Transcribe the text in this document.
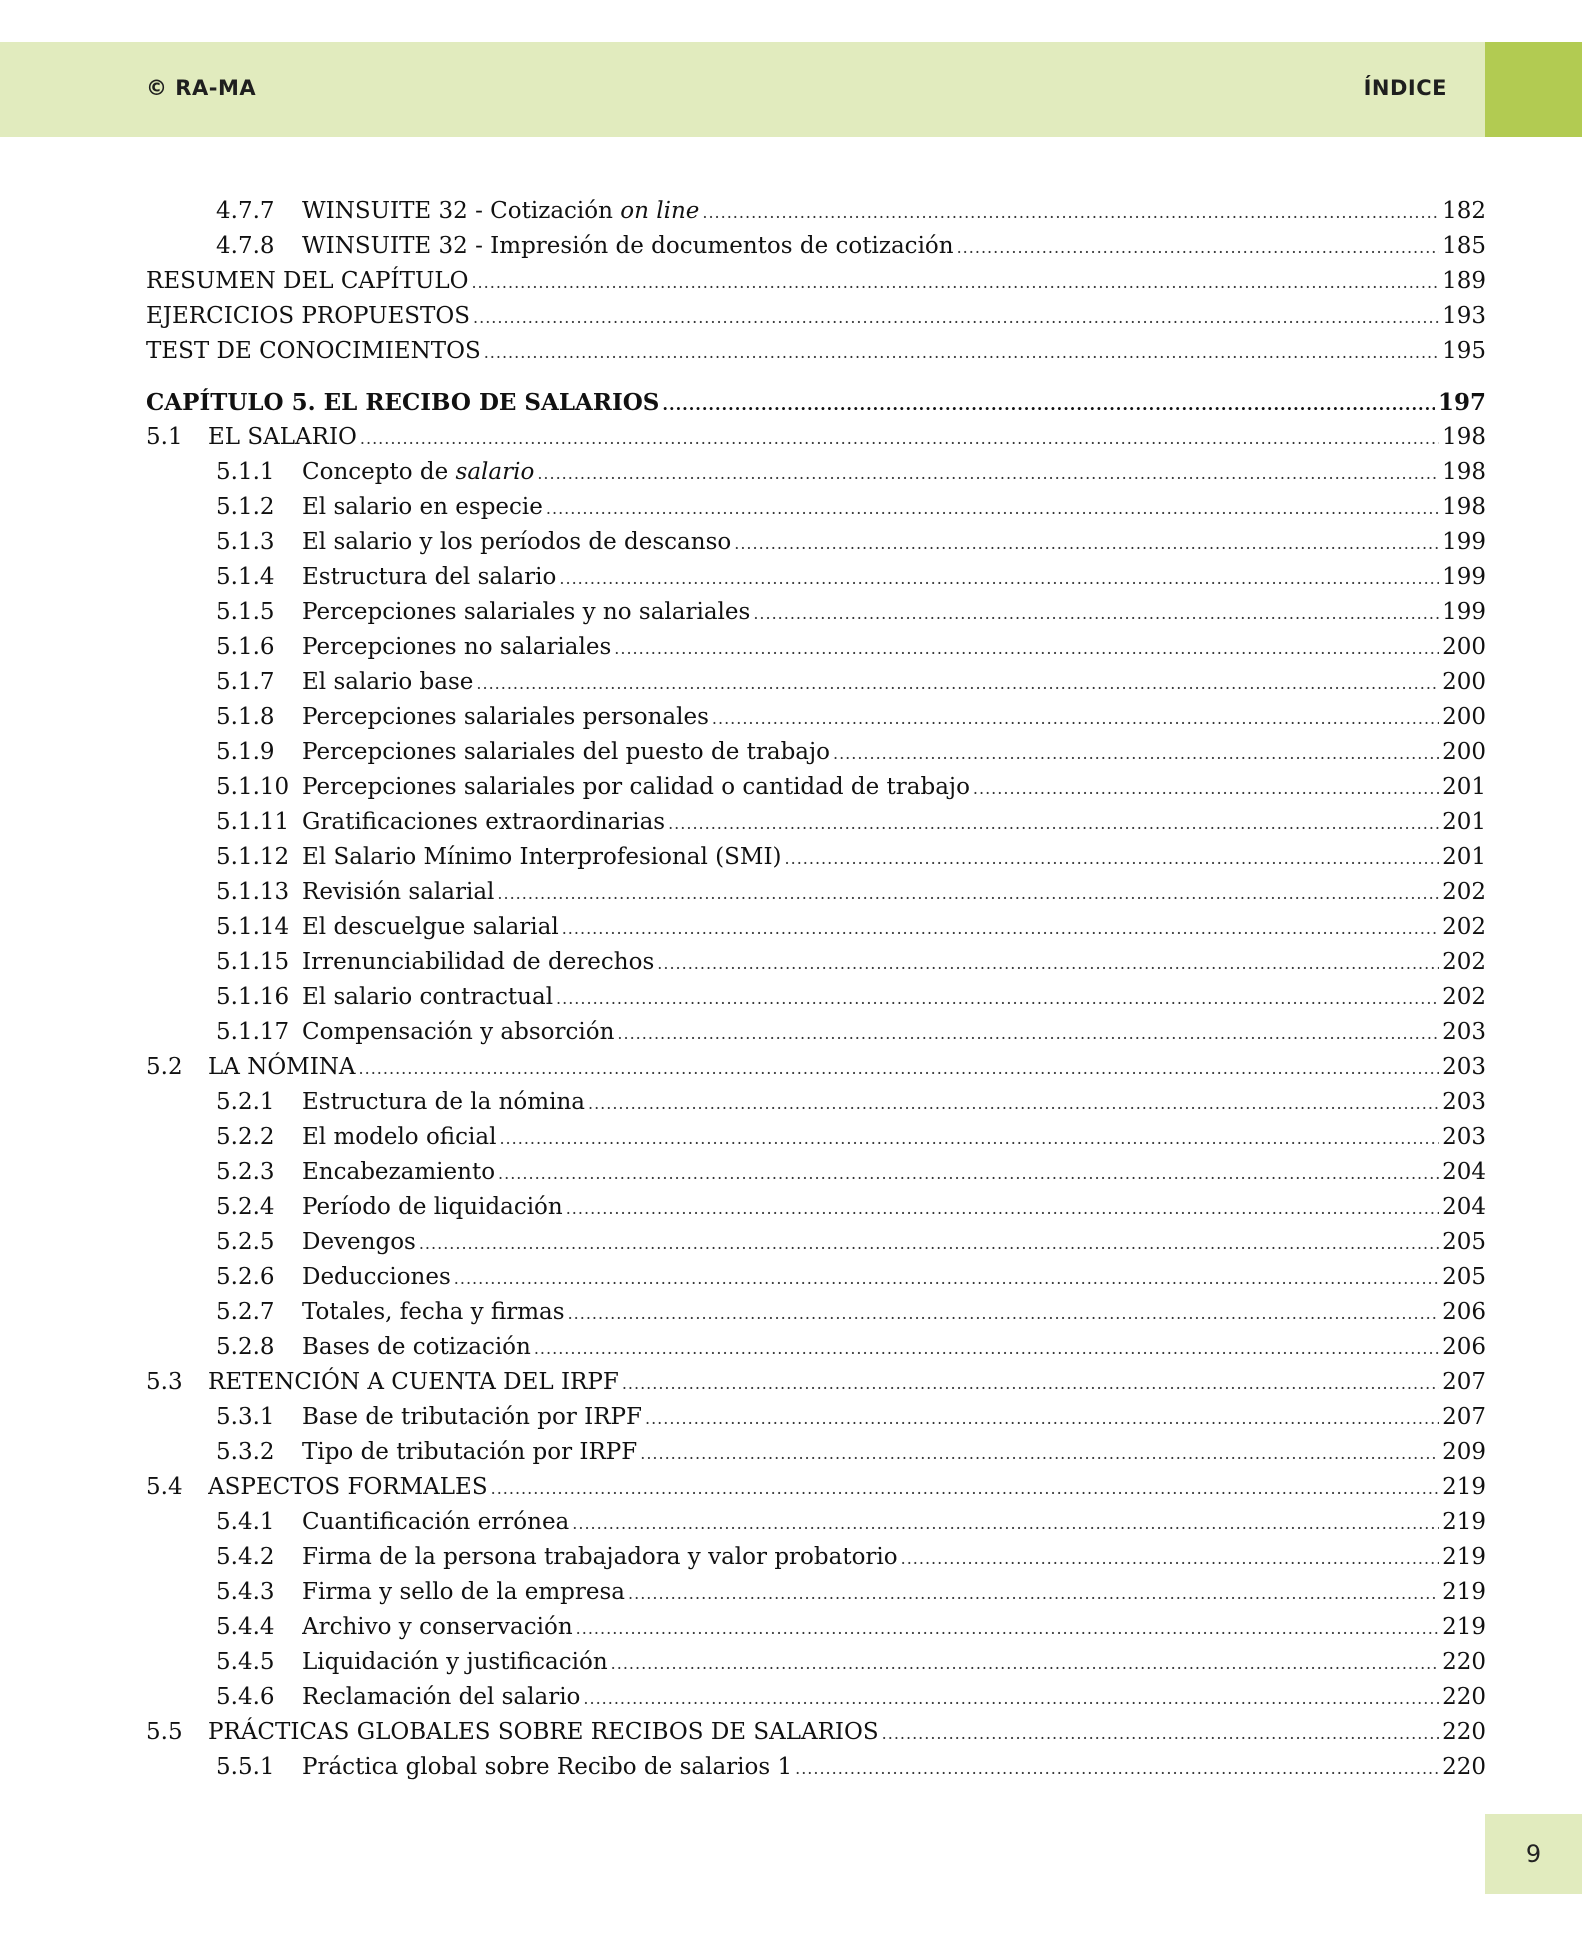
© RA-MA	ÍNDICE
4.7.7 WINSUITE 32 - Cotización on line .....	182
4.7.8 WINSUITE 32 - Impresión de documentos de cotización .....	185
RESUMEN DEL CAPÍTULO .....	189
EJERCICIOS PROPUESTOS .....	193
TEST DE CONOCIMIENTOS .....	195
CAPÍTULO 5. EL RECIBO DE SALARIOS .....	197
5.1 EL SALARIO .....	198
5.1.1 Concepto de salario .....	198
5.1.2 El salario en especie .....	198
5.1.3 El salario y los períodos de descanso .....	199
5.1.4 Estructura del salario .....	199
5.1.5 Percepciones salariales y no salariales .....	199
5.1.6 Percepciones no salariales .....	200
5.1.7 El salario base .....	200
5.1.8 Percepciones salariales personales .....	200
5.1.9 Percepciones salariales del puesto de trabajo .....	200
5.1.10 Percepciones salariales por calidad o cantidad de trabajo .....	201
5.1.11 Gratificaciones extraordinarias .....	201
5.1.12 El Salario Mínimo Interprofesional (SMI) .....	201
5.1.13 Revisión salarial .....	202
5.1.14 El descuelgue salarial .....	202
5.1.15 Irrenunciabilidad de derechos .....	202
5.1.16 El salario contractual .....	202
5.1.17 Compensación y absorción .....	203
5.2 LA NÓMINA .....	203
5.2.1 Estructura de la nómina .....	203
5.2.2 El modelo oficial .....	203
5.2.3 Encabezamiento .....	204
5.2.4 Período de liquidación .....	204
5.2.5 Devengos .....	205
5.2.6 Deducciones .....	205
5.2.7 Totales, fecha y firmas .....	206
5.2.8 Bases de cotización .....	206
5.3 RETENCIÓN A CUENTA DEL IRPF .....	207
5.3.1 Base de tributación por IRPF .....	207
5.3.2 Tipo de tributación por IRPF .....	209
5.4 ASPECTOS FORMALES .....	219
5.4.1 Cuantificación errónea .....	219
5.4.2 Firma de la persona trabajadora y valor probatorio .....	219
5.4.3 Firma y sello de la empresa .....	219
5.4.4 Archivo y conservación .....	219
5.4.5 Liquidación y justificación .....	220
5.4.6 Reclamación del salario .....	220
5.5 PRÁCTICAS GLOBALES SOBRE RECIBOS DE SALARIOS .....	220
5.5.1 Práctica global sobre Recibo de salarios 1 .....	220
9
